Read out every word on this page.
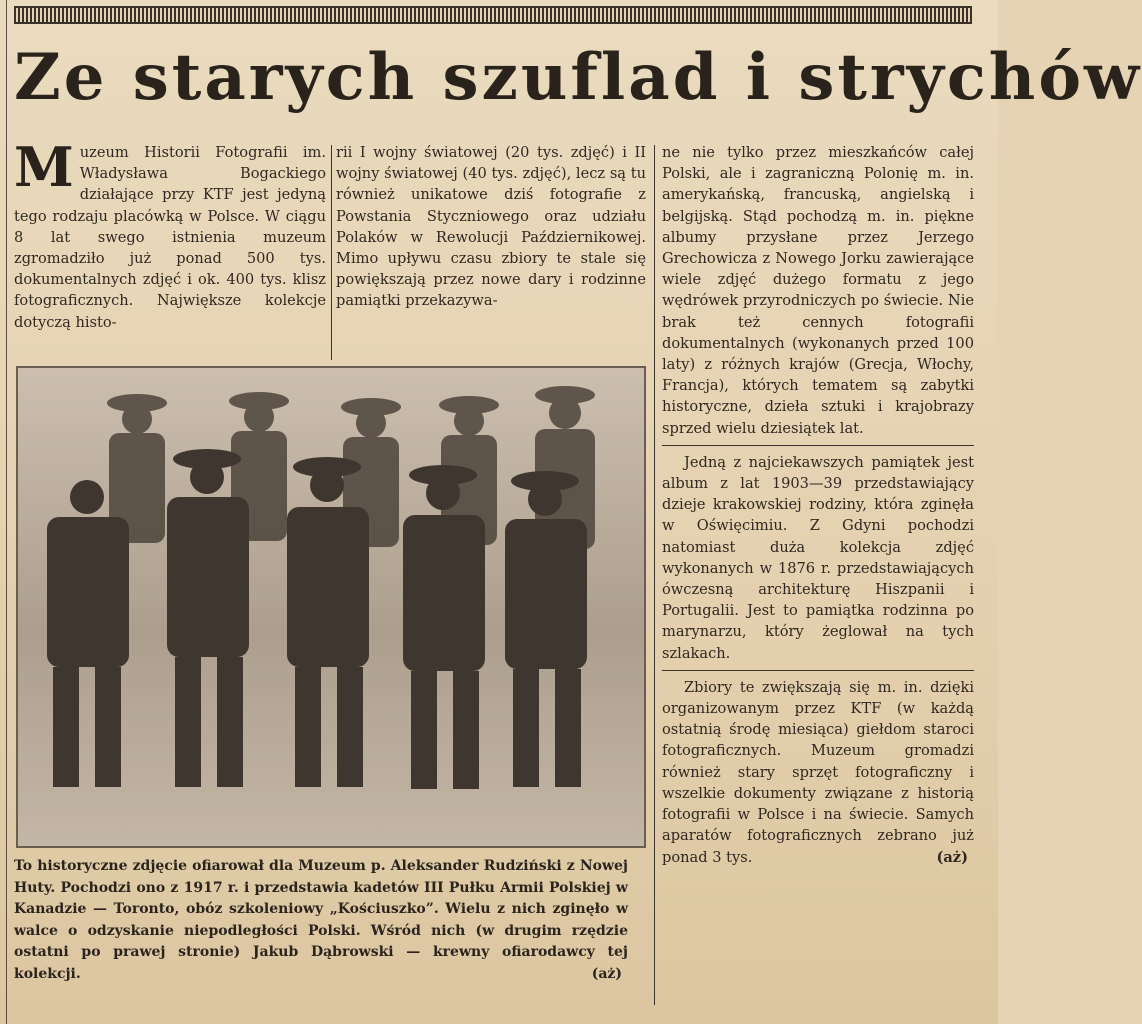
Ze starych szuflad i strychów
M uzeum Historii Fotografii im. Władysława Bogackiego działające przy KTF jest jedyną tego rodzaju placówką w Polsce. W ciągu 8 lat swego istnienia muzeum zgromadziło już ponad 500 tys. dokumentalnych zdjęć i ok. 400 tys. klisz fotograficznych. Największe kolekcje dotyczą histo-

rii I wojny światowej (20 tys. zdjęć) i II wojny światowej (40 tys. zdjęć), lecz są tu również unikatowe dziś fotografie z Powstania Styczniowego oraz udziału Polaków w Rewolucji Październikowej. Mimo upływu czasu zbiory te stale się powiększają przez nowe dary i rodzinne pamiątki przekazywa-

ne nie tylko przez mieszkańców całej Polski, ale i zagraniczną Polonię m. in. amerykańską, francuską, angielską i belgijską. Stąd pochodzą m. in. piękne albumy przysłane przez Jerzego Grechowicza z Nowego Jorku zawierające wiele zdjęć dużego formatu z jego wędrówek przyrodniczych po świecie. Nie brak też cennych fotografii dokumentalnych (wykonanych przed 100 laty) z różnych krajów (Grecja, Włochy, Francja), których tematem są zabytki historyczne, dzieła sztuki i krajobrazy sprzed wielu dziesiątek lat.

Jedną z najciekawszych pamiątek jest album z lat 1903—39 przedstawiający dzieje krakowskiej rodziny, która zginęła w Oświęcimiu. Z Gdyni pochodzi natomiast duża kolekcja zdjęć wykonanych w 1876 r. przedstawiających ówczesną architekturę Hiszpanii i Portugalii. Jest to pamiątka rodzinna po marynarzu, który żeglował na tych szlakach.

Zbiory te zwiększają się m. in. dzięki organizowanym przez KTF (w każdą ostatnią środę miesiąca) giełdom staroci fotograficznych. Muzeum gromadzi również stary sprzęt fotograficzny i wszelkie dokumenty związane z historią fotografii w Polsce i na świecie. Samych aparatów fotograficznych zebrano już ponad 3 tys.	(aż)

To historyczne zdjęcie ofiarował dla Muzeum p. Aleksander Rudziński z Nowej Huty. Pochodzi ono z 1917 r. i przedstawia kadetów III Pułku Armii Polskiej w Kanadzie — Toronto, obóz szkoleniowy „Kościuszko”. Wielu z nich zginęło w walce o odzyskanie niepodległości Polski. Wśród nich (w drugim rzędzie ostatni po prawej stronie) Jakub Dąbrowski — krewny ofiarodawcy tej kolekcji.	(aż)
